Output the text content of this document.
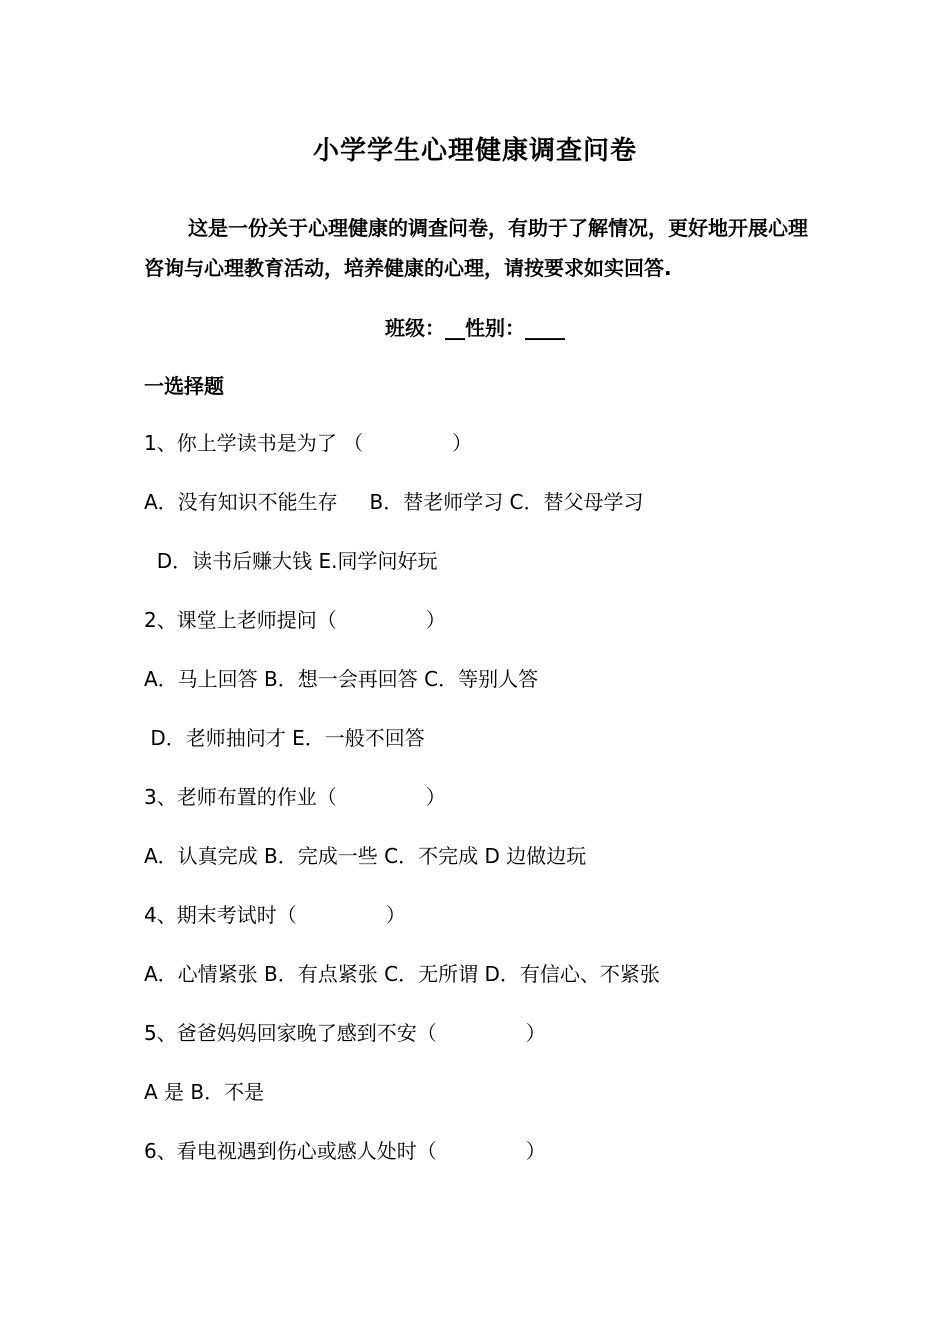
小学学生心理健康调查问卷

这是一份关于心理健康的调查问卷，有助于了解情况，更好地开展心理咨询与心理教育活动，培养健康的心理，请按要求如实回答.

班级：__性别：____

一选择题

1、你上学读书是为了 （              ）

A．没有知识不能生存     B．替老师学习 C．替父母学习

D．读书后赚大钱 E.同学问好玩

2、课堂上老师提问（              ）

A．马上回答 B．想一会再回答 C．等别人答

D．老师抽问才 E．一般不回答

3、老师布置的作业（              ）

A．认真完成 B．完成一些 C．不完成 D 边做边玩

4、期末考试时（              ）

A．心情紧张 B．有点紧张 C．无所谓 D．有信心、不紧张

5、爸爸妈妈回家晚了感到不安（              ）

A 是 B．不是

6、看电视遇到伤心或感人处时（              ）
